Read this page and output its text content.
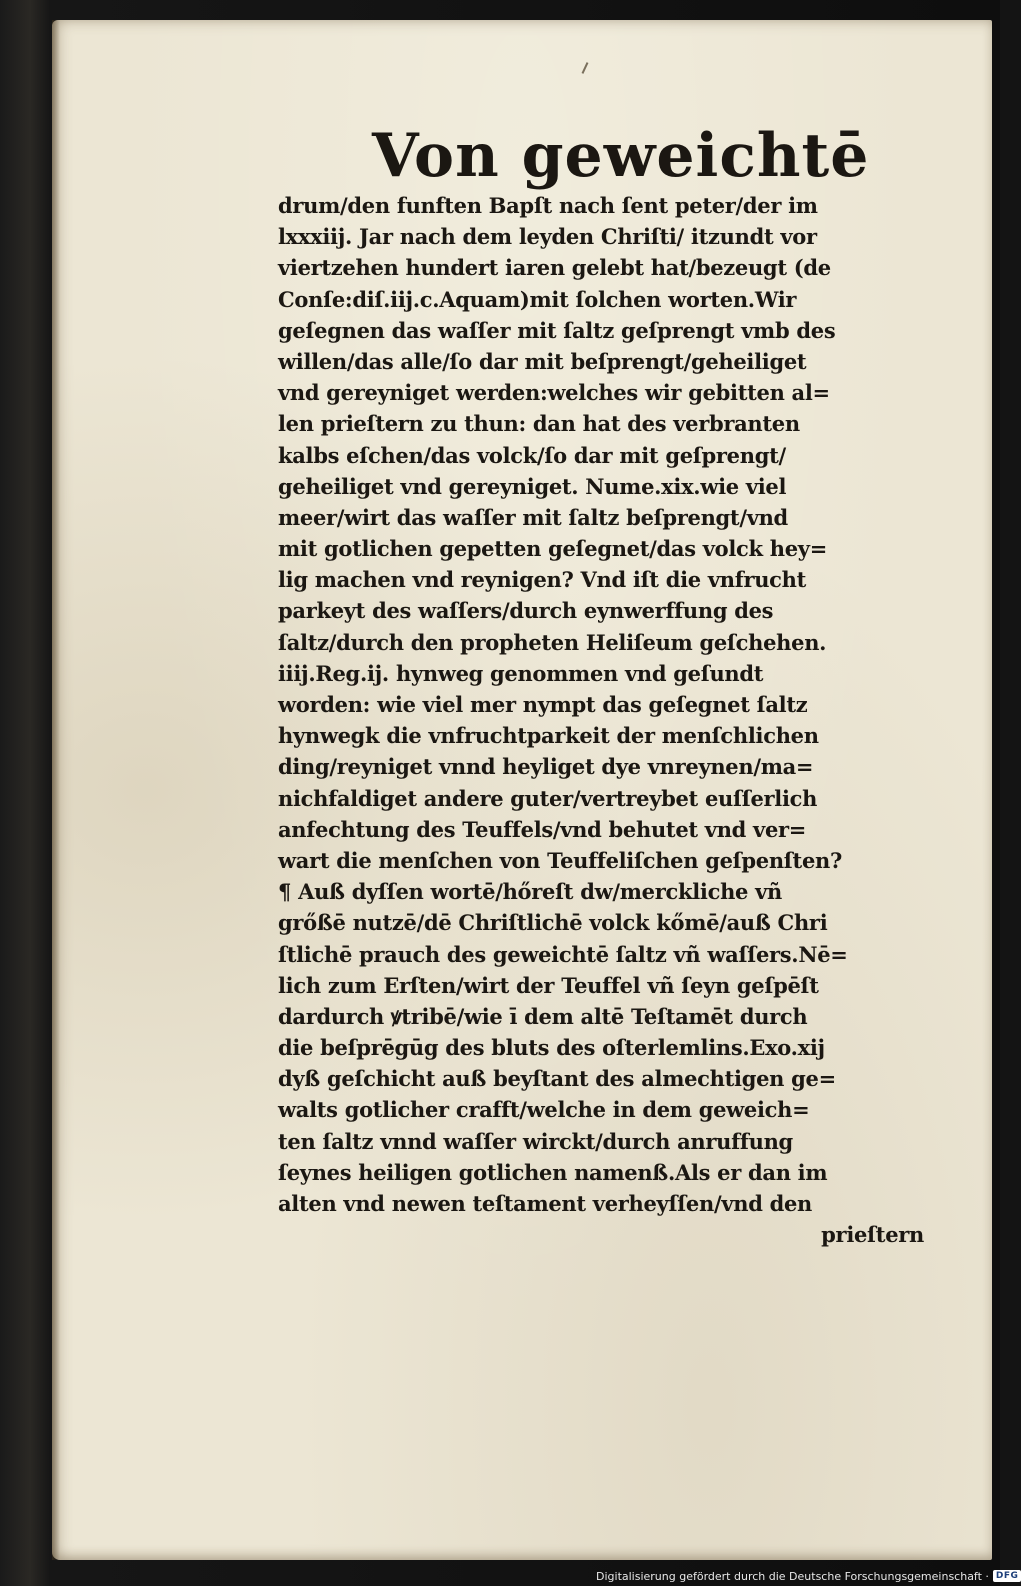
Von geweichtē
drum/den funften Bapſt nach ſent peter/der im
lxxxiij. Jar nach dem leyden Chriſti/ itzundt vor
viertzehen hundert iaren gelebt hat/bezeugt (de
Conſe:diſ.iij.c.Aquam)mit ſolchen worten.Wir
geſegnen das waſſer mit ſaltz geſprengt vmb des
willen/das alle/ſo dar mit beſprengt/geheiliget
vnd gereyniget werden:welches wir gebitten al=
len prieſtern zu thun: dan hat des verbranten
kalbs eſchen/das volck/ſo dar mit geſprengt/
geheiliget vnd gereyniget. Nume.xix.wie viel
meer/wirt das waſſer mit ſaltz beſprengt/vnd
mit gotlichen gepetten geſegnet/das volck hey=
lig machen vnd reynigen? Vnd iſt die vnfrucht
parkeyt des waſſers/durch eynwerffung des
ſaltz/durch den propheten Heliſeum geſchehen.
iiij.Reg.ij. hynweg genommen vnd geſundt
worden: wie viel mer nympt das geſegnet ſaltz
hynwegk die vnfruchtparkeit der menſchlichen
ding/reyniget vnnd heyliget dye vnreynen/ma=
nichfaldiget andere guter/vertreybet euſſerlich
anfechtung des Teuffels/vnd behutet vnd ver=
wart die menſchen von Teuffeliſchen geſpenſten?
¶ Auß dyſſen wortē/hőreſt dw/merckliche vñ
grőßē nutzē/dē Chriſtlichē volck kőmē/auß Chri
ſtlichē prauch des geweichtē ſaltz vñ waſſers.Nē=
lich zum Erſten/wirt der Teuffel vñ ſeyn geſpēſt
dardurch ꝟtribē/wie ī dem altē Teſtamēt durch
die beſprēgūg des bluts des oſterlemlins.Exo.xij
dyß geſchicht auß beyſtant des almechtigen ge=
walts gotlicher crafft/welche in dem geweich=
ten ſaltz vnnd waſſer wirckt/durch anruffung
ſeynes heiligen gotlichen namenß.Als er dan im
alten vnd newen teſtament verheyſſen/vnd den
prieſtern
Digitalisierung gefördert durch die Deutsche Forschungsgemeinschaft · DFG
